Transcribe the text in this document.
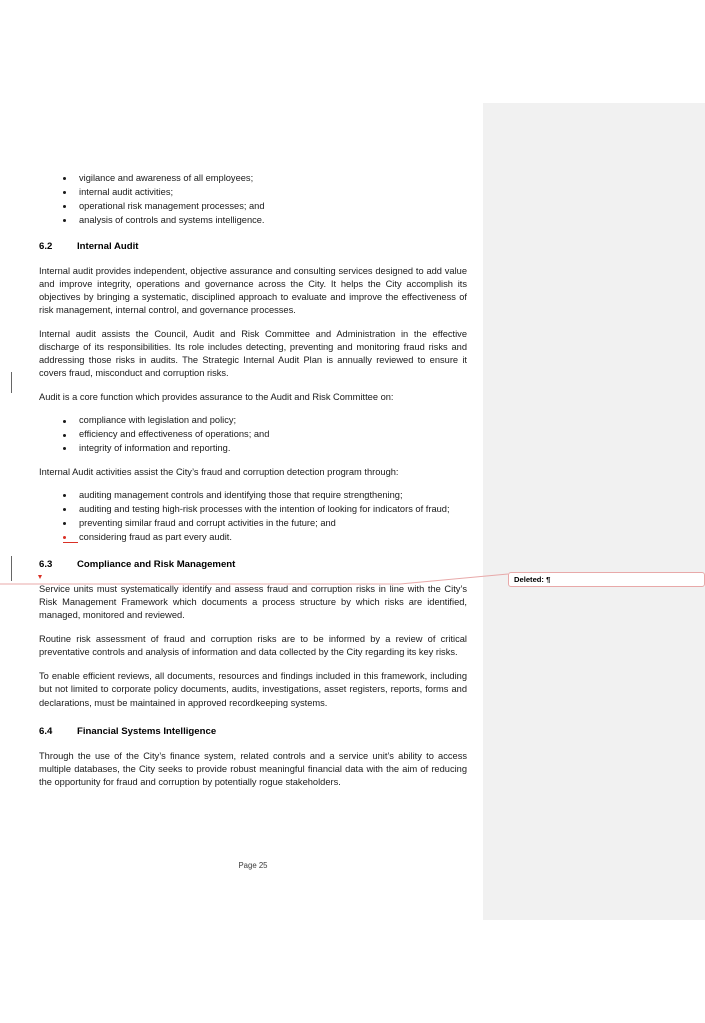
Deleted: ¶
vigilance and awareness of all employees;
internal audit activities;
operational risk management processes; and
analysis of controls and systems intelligence.
6.2	Internal Audit

Internal audit provides independent, objective assurance and consulting services designed to add value and improve integrity, operations and governance across the City. It helps the City accomplish its objectives by bringing a systematic, disciplined approach to evaluate and improve the effectiveness of risk management, internal control, and governance processes.

Internal audit assists the Council, Audit and Risk Committee and Administration in the effective discharge of its responsibilities. Its role includes detecting, preventing and monitoring fraud risks and addressing those risks in audits. The Strategic Internal Audit Plan is annually reviewed to ensure it covers fraud, misconduct and corruption risks.

Audit is a core function which provides assurance to the Audit and Risk Committee on:

compliance with legislation and policy;
efficiency and effectiveness of operations; and
integrity of information and reporting.

Internal Audit activities assist the City’s fraud and corruption detection program through:

auditing management controls and identifying those that require strengthening;
auditing and testing high-risk processes with the intention of looking for indicators of fraud;
preventing similar fraud and corrupt activities in the future; and
considering fraud as part every audit.
6.3	Compliance and Risk Management

Service units must systematically identify and assess fraud and corruption risks in line with the City’s Risk Management Framework which documents a process structure by which risks are identified, managed, monitored and reviewed.

Routine risk assessment of fraud and corruption risks are to be informed by a review of critical preventative controls and analysis of information and data collected by the City regarding its key risks.

To enable efficient reviews, all documents, resources and findings included in this framework, including but not limited to corporate policy documents, audits, investigations, asset registers, reports, forms and declarations, must be maintained in approved recordkeeping systems.

6.4	Financial Systems Intelligence

Through the use of the City’s finance system, related controls and a service unit’s ability to access multiple databases, the City seeks to provide robust meaningful financial data with the aim of reducing the opportunity for fraud and corruption by potentially rogue stakeholders.

Page 25
